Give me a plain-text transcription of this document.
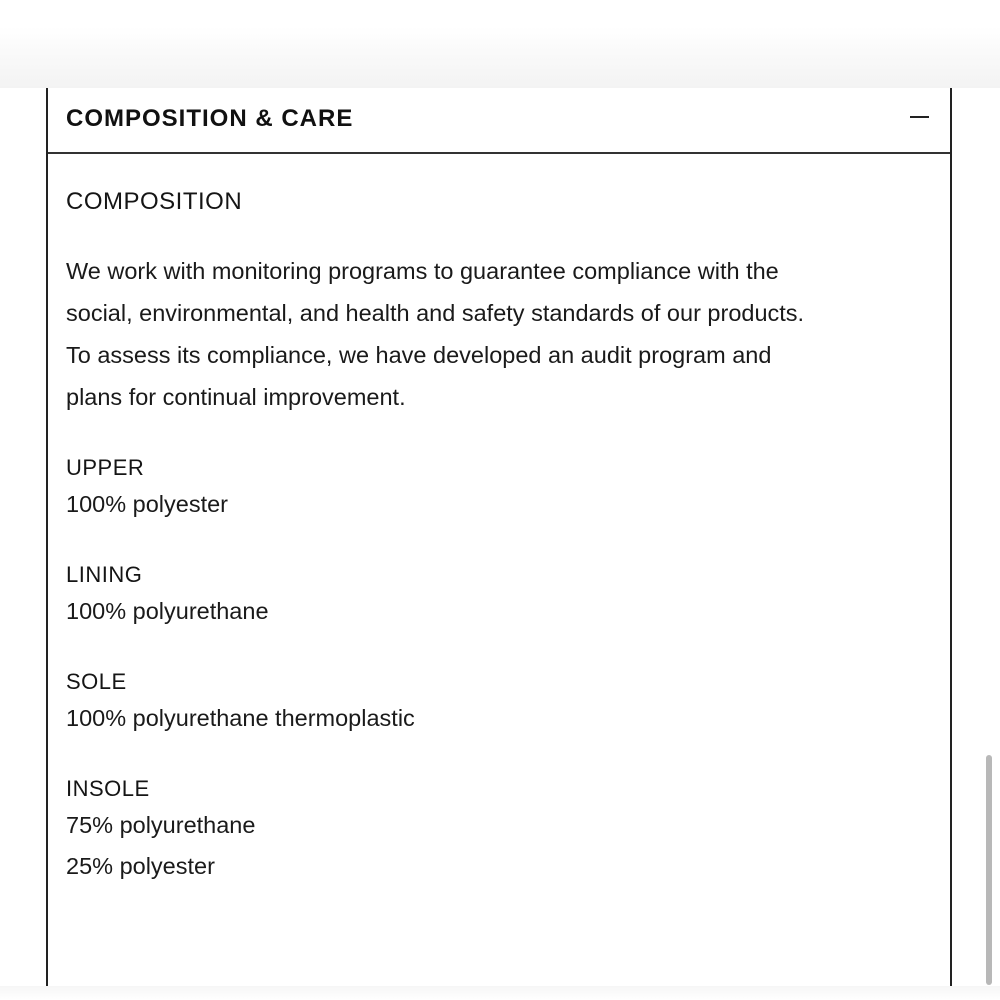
COMPOSITION & CARE
COMPOSITION

We work with monitoring programs to guarantee compliance with the

social, environmental, and health and safety standards of our products.

To assess its compliance, we have developed an audit program and

plans for continual improvement.

UPPER
100% polyester
LINING
100% polyurethane
SOLE
100% polyurethane thermoplastic
INSOLE
75% polyurethane
25% polyester
